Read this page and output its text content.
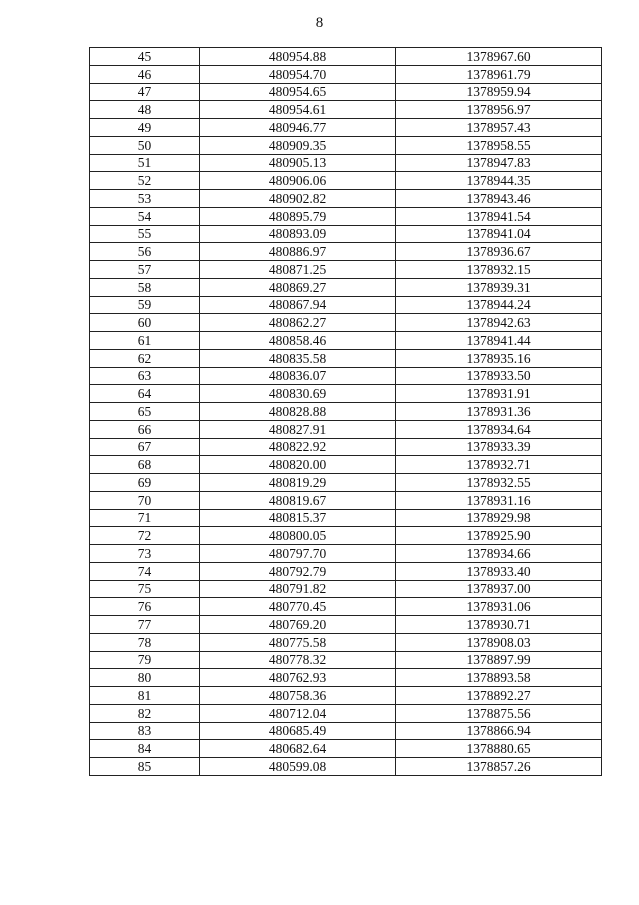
8
45	480954.88	1378967.60
46	480954.70	1378961.79
47	480954.65	1378959.94
48	480954.61	1378956.97
49	480946.77	1378957.43
50	480909.35	1378958.55
51	480905.13	1378947.83
52	480906.06	1378944.35
53	480902.82	1378943.46
54	480895.79	1378941.54
55	480893.09	1378941.04
56	480886.97	1378936.67
57	480871.25	1378932.15
58	480869.27	1378939.31
59	480867.94	1378944.24
60	480862.27	1378942.63
61	480858.46	1378941.44
62	480835.58	1378935.16
63	480836.07	1378933.50
64	480830.69	1378931.91
65	480828.88	1378931.36
66	480827.91	1378934.64
67	480822.92	1378933.39
68	480820.00	1378932.71
69	480819.29	1378932.55
70	480819.67	1378931.16
71	480815.37	1378929.98
72	480800.05	1378925.90
73	480797.70	1378934.66
74	480792.79	1378933.40
75	480791.82	1378937.00
76	480770.45	1378931.06
77	480769.20	1378930.71
78	480775.58	1378908.03
79	480778.32	1378897.99
80	480762.93	1378893.58
81	480758.36	1378892.27
82	480712.04	1378875.56
83	480685.49	1378866.94
84	480682.64	1378880.65
85	480599.08	1378857.26
